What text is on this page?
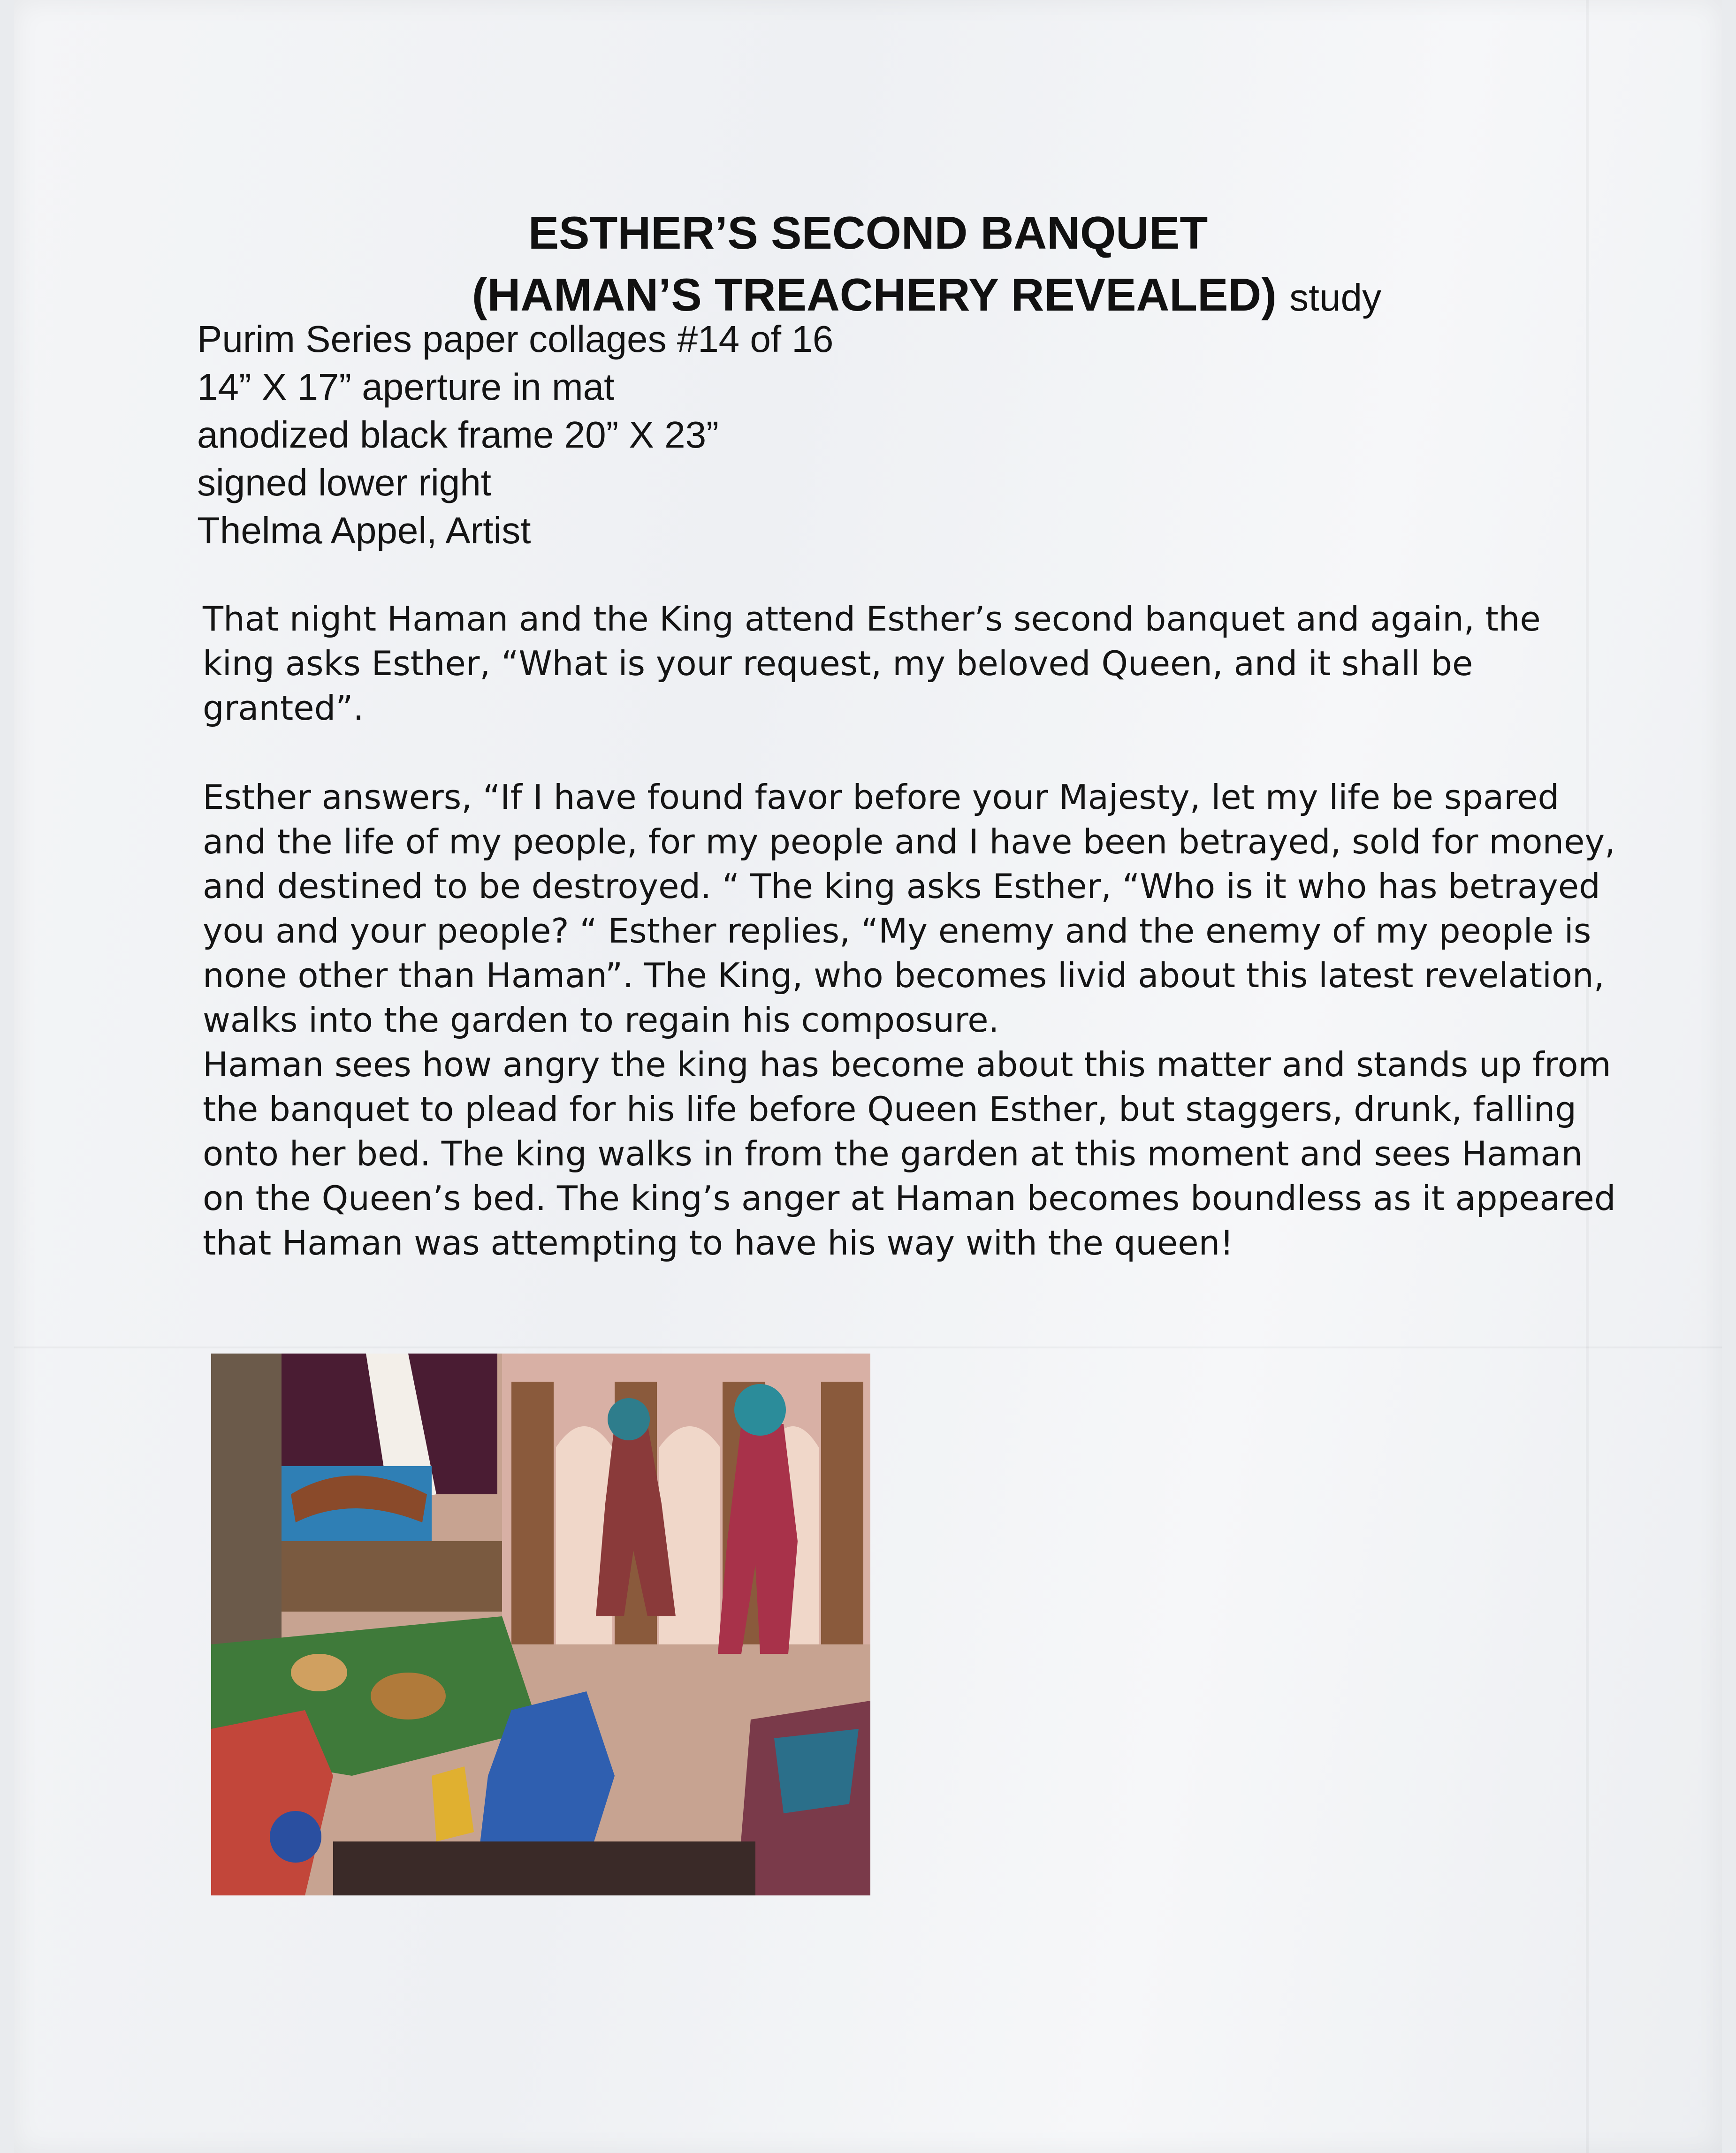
ESTHER’S SECOND BANQUET
(HAMAN’S TREACHERY REVEALED) study
Purim Series paper collages #14 of 16
14” X 17” aperture in mat
anodized black frame 20” X 23”
signed lower right
Thelma Appel, Artist

That night Haman and the King attend Esther’s second banquet and again, the king asks Esther, “What is your request, my beloved Queen, and it shall be granted”.

Esther answers, “If I have found favor before your Majesty, let my life be spared and the life of my people, for my people and I have been betrayed, sold for money, and destined to be destroyed. “ The king asks Esther, “Who is it who has betrayed you and your people? “ Esther replies, “My enemy and the enemy of my people is none other than Haman”. The King, who becomes livid about this latest revelation, walks into the garden to regain his composure.

Haman sees how angry the king has become about this matter and stands up from the banquet to plead for his life before Queen Esther, but staggers, drunk, falling onto her bed. The king walks in from the garden at this moment and sees Haman on the Queen’s bed. The king’s anger at Haman becomes boundless as it appeared that Haman was attempting to have his way with the queen!
